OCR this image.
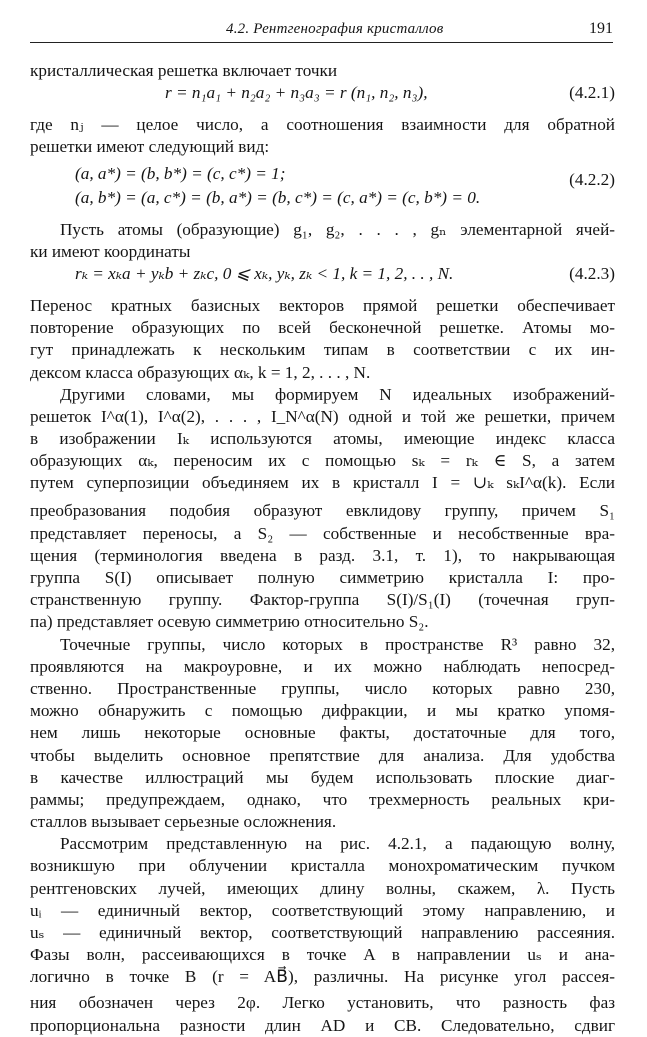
4.2. Рентгенография кристаллов	191
кристаллическая решетка включает точки
r = n₁a₁ + n₂a₂ + n₃a₃ = r (n₁, n₂, n₃),	(4.2.1)
где nⱼ — целое число, а соотношения взаимности для обратной
решетки имеют следующий вид:
(a, a*) = (b, b*) = (c, c*) = 1;
(a, b*) = (a, c*) = (b, a*) = (b, c*) = (c, a*) = (c, b*) = 0.
(4.2.2)
Пусть атомы (образующие) g₁, g₂, . . . , gₙ элементарной ячей-
ки имеют координаты
rₖ = xₖa + yₖb + zₖc, 0 ⩽ xₖ, yₖ, zₖ < 1, k = 1, 2, . . , N.	(4.2.3)
Перенос кратных базисных векторов прямой решетки обеспечивает
повторение образующих по всей бесконечной решетке. Атомы мо-
гут принадлежать к нескольким типам в соответствии с их ин-
дексом класса образующих αₖ, k = 1, 2, . . . , N.
Другими словами, мы формируем N идеальных изображений-
решеток I^α(1), I^α(2), . . . , I_N^α(N) одной и той же решетки, причем
в изображении Iₖ используются атомы, имеющие индекс класса
образующих αₖ, переносим их с помощью sₖ = rₖ ∈ S, а затем
путем суперпозиции объединяем их в кристалл I = ∪ₖ sₖI^α(k). Если
преобразования подобия образуют евклидову группу, причем S₁
представляет переносы, а S₂ — собственные и несобственные вра-
щения (терминология введена в разд. 3.1, т. 1), то накрывающая
группа S(I) описывает полную симметрию кристалла I: про-
странственную группу. Фактор-группа S(I)/S₁(I) (точечная груп-
па) представляет осевую симметрию относительно S₂.
Точечные группы, число которых в пространстве R³ равно 32,
проявляются на макроуровне, и их можно наблюдать непосред-
ственно. Пространственные группы, число которых равно 230,
можно обнаружить с помощью дифракции, и мы кратко упомя-
нем лишь некоторые основные факты, достаточные для того,
чтобы выделить основное препятствие для анализа. Для удобства
в качестве иллюстраций мы будем использовать плоские диаг-
раммы; предупреждаем, однако, что трехмерность реальных кри-
сталлов вызывает серьезные осложнения.
Рассмотрим представленную на рис. 4.2.1, а падающую волну,
возникшую при облучении кристалла монохроматическим пучком
рентгеновских лучей, имеющих длину волны, скажем, λ. Пусть
uᵢ — единичный вектор, соответствующий этому направлению, и
uₛ — единичный вектор, соответствующий направлению рассеяния.
Фазы волн, рассеивающихся в точке A в направлении uₛ и ана-
логично в точке B (r = AB⃗), различны. На рисунке угол рассея-
ния обозначен через 2φ. Легко установить, что разность фаз
пропорциональна разности длин AD и CB. Следовательно, сдвиг
